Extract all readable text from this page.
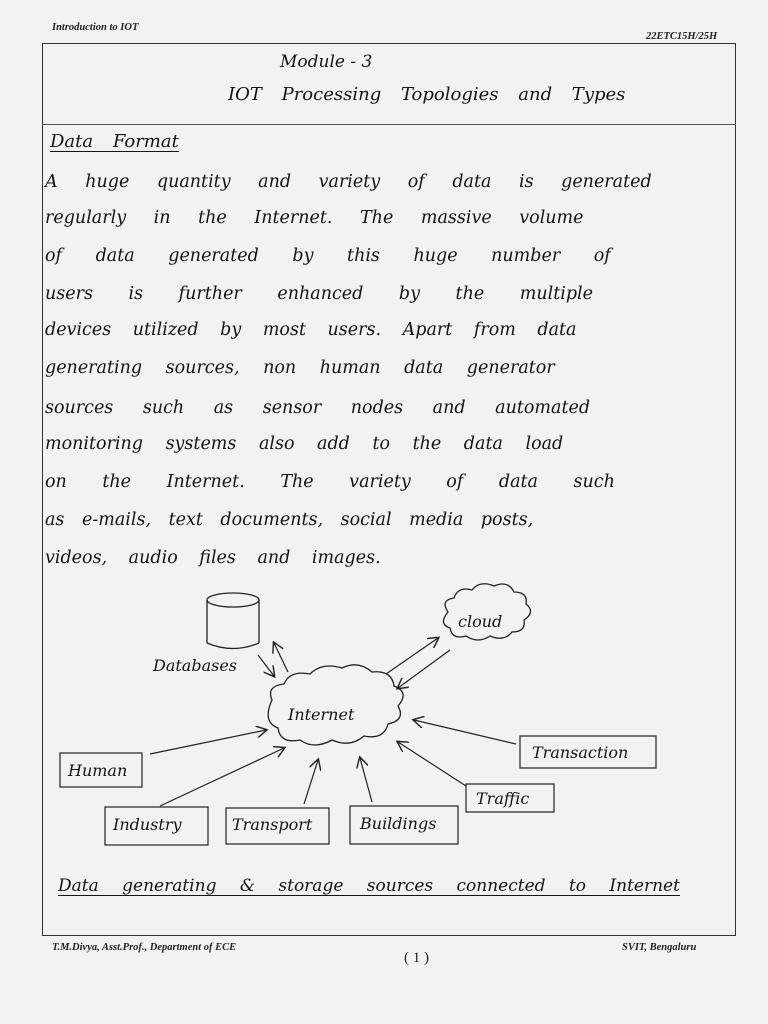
Introduction to IOT
22ETC15H/25H
Module - 3
IOT Processing Topologies and Types
Data Format
A huge quantity and variety of data is generated
regularly in the Internet. The massive volume
of data generated by this huge number of
users is further enhanced by the multiple
devices utilized by most users. Apart from data
generating sources, non human data generator
sources such as sensor nodes and automated
monitoring systems also add to the data load
on the Internet. The variety of data such
as e-mails, text documents, social media posts,
videos, audio files and images.
Databases
cloud
Internet
Human
Transaction
Traffic
Industry	Transport	Buildings
Data generating & storage sources connected to Internet
T.M.Divya, Asst.Prof., Department of ECE
( 1 )
SVIT, Bengaluru
